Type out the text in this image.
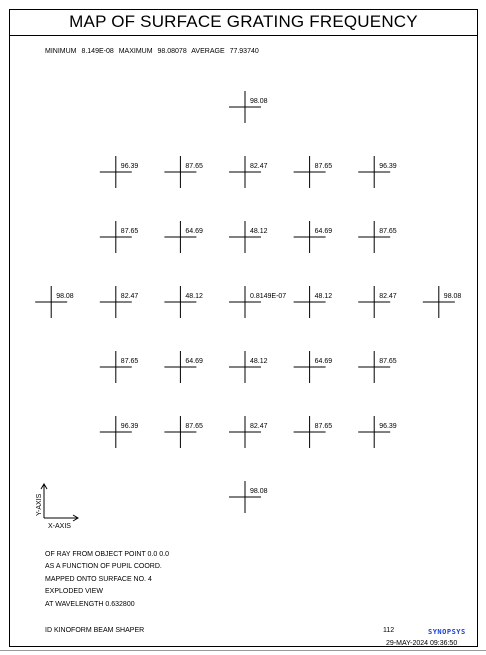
MAP OF SURFACE GRATING FREQUENCY
MINIMUM 8.149E-08 MAXIMUM 98.08078 AVERAGE 77.93740
98.08
96.39	87.65	82.47	87.65	96.39
87.65	64.69	48.12	64.69	87.65
98.08	82.47	48.12	0.8149E-07	48.12	82.47	98.08
87.65	64.69	48.12	64.69	87.65
96.39	87.65	82.47	87.65	96.39
98.08
X-AXIS
Y-AXIS
OF RAY FROM OBJECT POINT 0.0 0.0
AS A FUNCTION OF PUPIL COORD.
MAPPED ONTO SURFACE NO. 4
EXPLODED VIEW
AT WAVELENGTH 0.632800
ID KINOFORM BEAM SHAPER	112	SYNOPSYS
29-MAY-2024 09:36:50
